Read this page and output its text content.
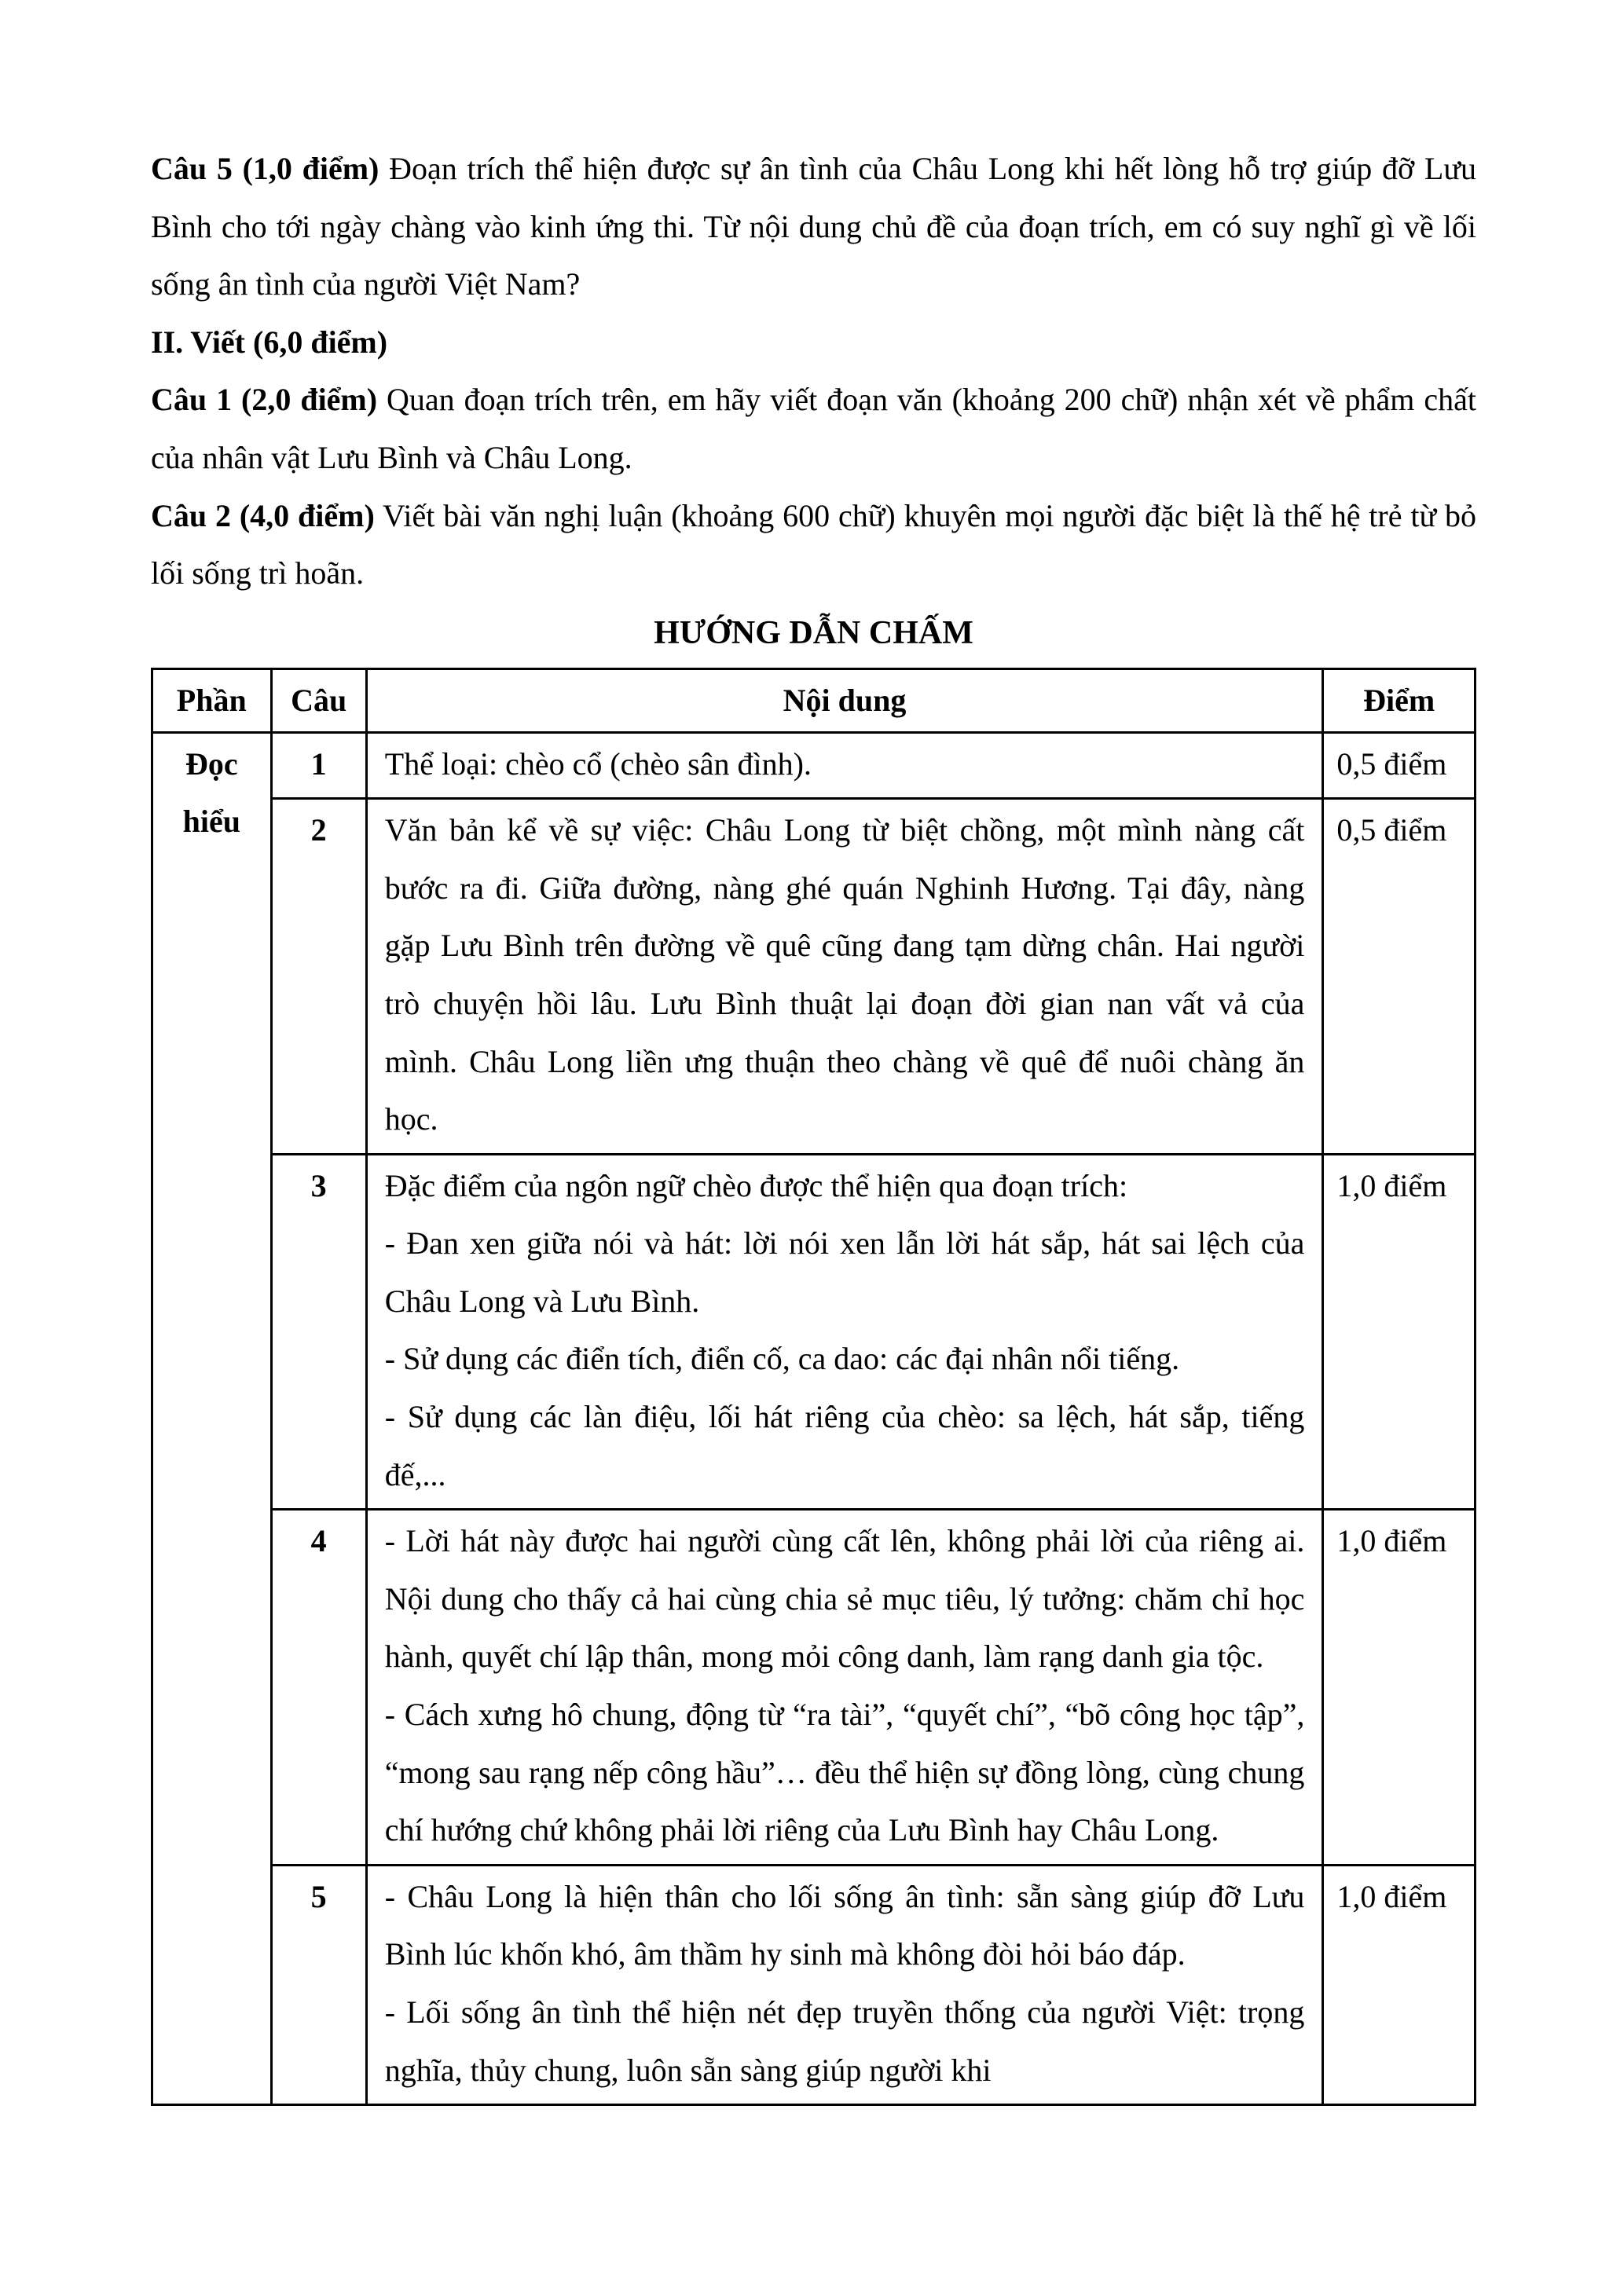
Câu 5 (1,0 điểm) Đoạn trích thể hiện được sự ân tình của Châu Long khi hết lòng hỗ trợ giúp đỡ Lưu Bình cho tới ngày chàng vào kinh ứng thi. Từ nội dung chủ đề của đoạn trích, em có suy nghĩ gì về lối sống ân tình của người Việt Nam?

II. Viết (6,0 điểm)

Câu 1 (2,0 điểm) Quan đoạn trích trên, em hãy viết đoạn văn (khoảng 200 chữ) nhận xét về phẩm chất của nhân vật Lưu Bình và Châu Long.

Câu 2 (4,0 điểm) Viết bài văn nghị luận (khoảng 600 chữ) khuyên mọi người đặc biệt là thế hệ trẻ từ bỏ lối sống trì hoãn.

HƯỚNG DẪN CHẤM
Phần	Câu	Nội dung	Điểm
Đọc hiểu	1	Thể loại: chèo cổ (chèo sân đình).	0,5 điểm
	2	Văn bản kể về sự việc: Châu Long từ biệt chồng, một mình nàng cất bước ra đi. Giữa đường, nàng ghé quán Nghinh Hương. Tại đây, nàng gặp Lưu Bình trên đường về quê cũng đang tạm dừng chân. Hai người trò chuyện hồi lâu. Lưu Bình thuật lại đoạn đời gian nan vất vả của mình. Châu Long liền ưng thuận theo chàng về quê để nuôi chàng ăn học.	0,5 điểm
	3	Đặc điểm của ngôn ngữ chèo được thể hiện qua đoạn trích:
- Đan xen giữa nói và hát: lời nói xen lẫn lời hát sắp, hát sai lệch của Châu Long và Lưu Bình.
- Sử dụng các điển tích, điển cố, ca dao: các đại nhân nổi tiếng.
- Sử dụng các làn điệu, lối hát riêng của chèo: sa lệch, hát sắp, tiếng đế,...	1,0 điểm
	4	- Lời hát này được hai người cùng cất lên, không phải lời của riêng ai. Nội dung cho thấy cả hai cùng chia sẻ mục tiêu, lý tưởng: chăm chỉ học hành, quyết chí lập thân, mong mỏi công danh, làm rạng danh gia tộc.
- Cách xưng hô chung, động từ “ra tài”, “quyết chí”, “bõ công học tập”, “mong sau rạng nếp công hầu”… đều thể hiện sự đồng lòng, cùng chung chí hướng chứ không phải lời riêng của Lưu Bình hay Châu Long.	1,0 điểm
	5	- Châu Long là hiện thân cho lối sống ân tình: sẵn sàng giúp đỡ Lưu Bình lúc khốn khó, âm thầm hy sinh mà không đòi hỏi báo đáp.
- Lối sống ân tình thể hiện nét đẹp truyền thống của người Việt: trọng nghĩa, thủy chung, luôn sẵn sàng giúp người khi	1,0 điểm
